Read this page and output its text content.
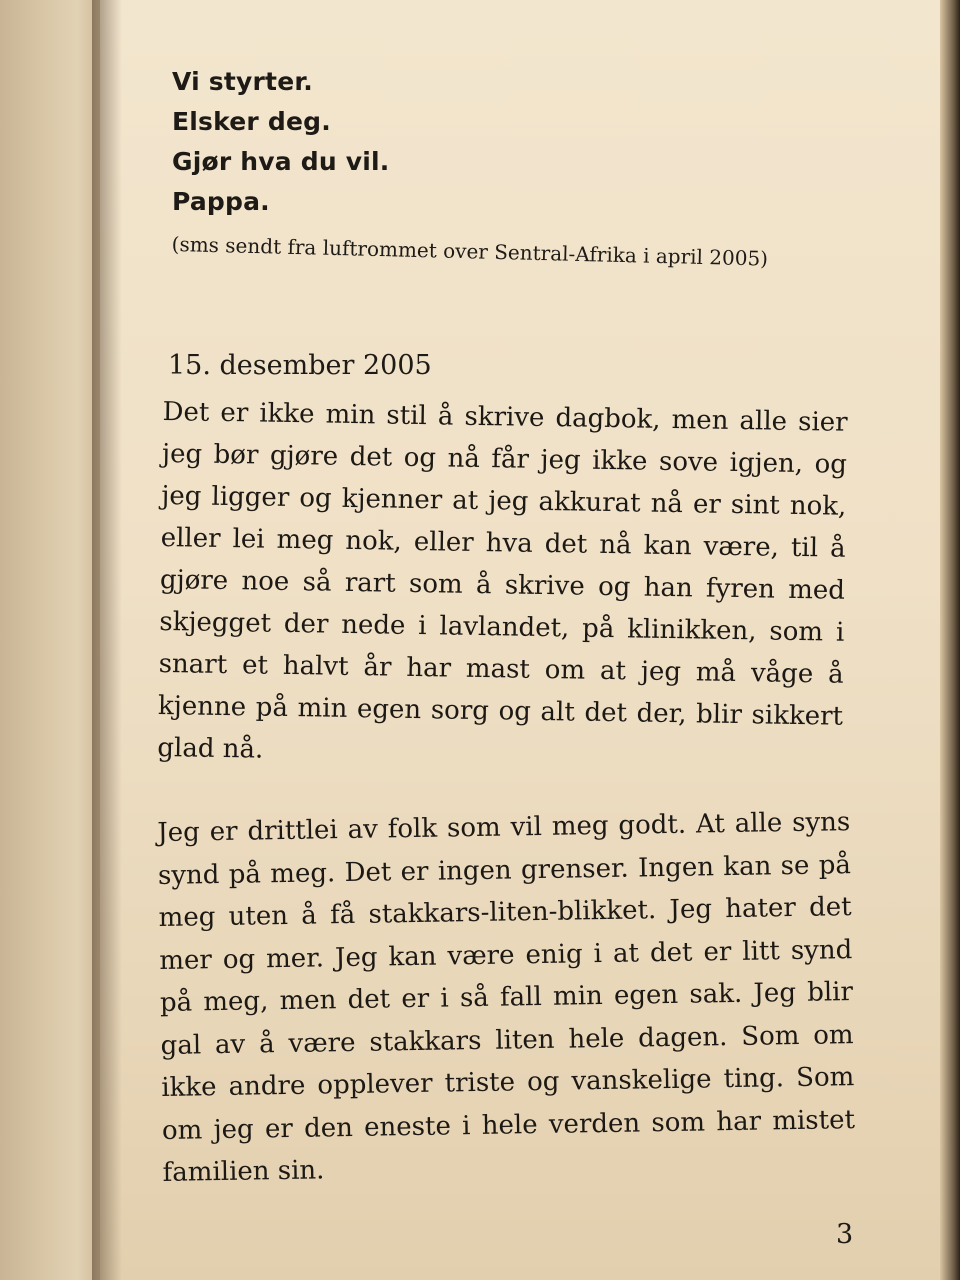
Vi styrter.
Elsker deg.
Gjør hva du vil.
Pappa.
(sms sendt fra luftrommet over Sentral-Afrika i april 2005)
15. desember 2005
Det er ikke min stil å skrive dagbok, men alle sier jeg bør gjøre det og nå får jeg ikke sove igjen, og jeg ligger og kjenner at jeg akkurat nå er sint nok, eller lei meg nok, eller hva det nå kan være, til å gjøre noe så rart som å skrive og han fyren med skjegget der nede i lavlandet, på klinikken, som i snart et halvt år har mast om at jeg må våge å kjenne på min egen sorg og alt det der, blir sikkert glad nå.
Jeg er drittlei av folk som vil meg godt. At alle syns synd på meg. Det er ingen grenser. Ingen kan se på meg uten å få stakkars-liten-blikket. Jeg hater det mer og mer. Jeg kan være enig i at det er litt synd på meg, men det er i så fall min egen sak. Jeg blir gal av å være stakkars liten hele dagen. Som om ikke andre opplever triste og vanskelige ting. Som om jeg er den eneste i hele verden som har mistet familien sin.
3
